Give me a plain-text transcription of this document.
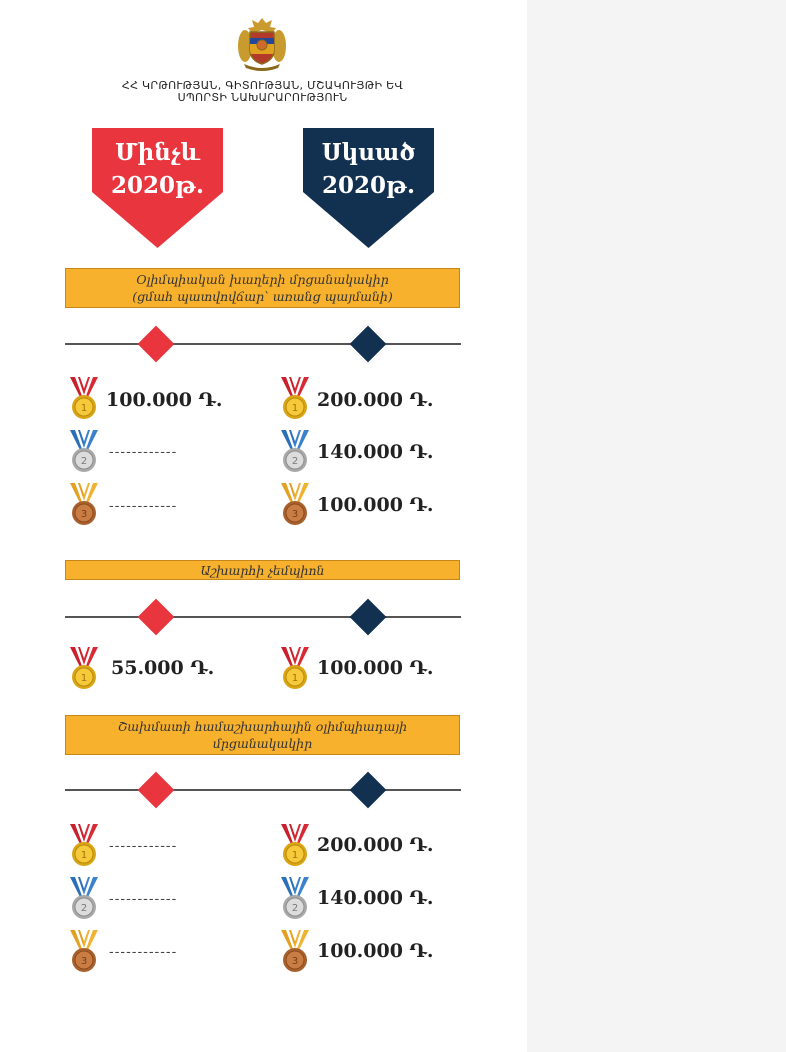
ՀՀ ԿՐԹՈՒԹՅԱՆ, ԳԻՏՈՒԹՅԱՆ, ՄՇԱԿՈՒՅԹԻ ԵՎ
ՍՊՈՐՏԻ ՆԱԽԱՐԱՐՈՒԹՅՈՒՆ
Մինչև
2020թ.
Սկսած
2020թ.
Օլիմպիական խաղերի մրցանակակիր
(ցմահ պատվովճար՝ առանց պայմանի)
100.000 Դ.	200.000 Դ.
------------	140.000 Դ.
------------	100.000 Դ.
Աշխարհի չեմպիոն
55.000 Դ.	100.000 Դ.
Շախմատի համաշխարհային օլիմպիադայի
մրցանակակիր
------------	200.000 Դ.
------------	140.000 Դ.
------------	100.000 Դ.
